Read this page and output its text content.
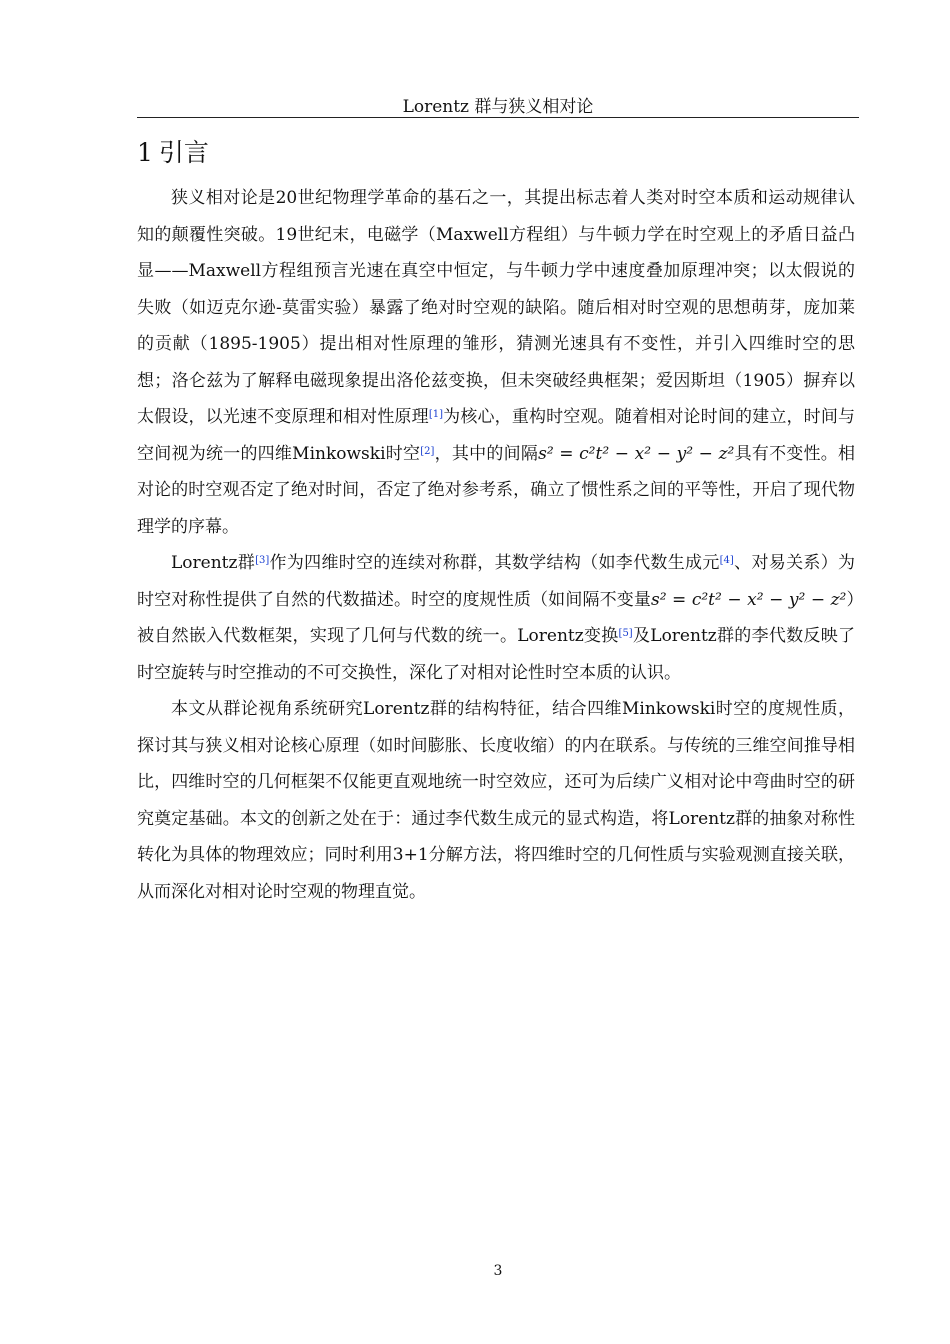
Lorentz 群与狭义相对论
1 引言

狭义相对论是20世纪物理学革命的基石之一，其提出标志着人类对时空本质和运动规律认知的颠覆性突破。19世纪末，电磁学（Maxwell方程组）与牛顿力学在时空观上的矛盾日益凸显——Maxwell方程组预言光速在真空中恒定，与牛顿力学中速度叠加原理冲突；以太假说的失败（如迈克尔逊-莫雷实验）暴露了绝对时空观的缺陷。随后相对时空观的思想萌芽，庞加莱的贡献（1895-1905）提出相对性原理的雏形，猜测光速具有不变性，并引入四维时空的思想；洛仑兹为了解释电磁现象提出洛伦兹变换，但未突破经典框架；爱因斯坦（1905）摒弃以太假设，以光速不变原理和相对性原理[1]为核心，重构时空观。随着相对论时间的建立，时间与空间视为统一的四维Minkowski时空[2]，其中的间隔s² = c²t² − x² − y² − z²具有不变性。相对论的时空观否定了绝对时间，否定了绝对参考系，确立了惯性系之间的平等性，开启了现代物理学的序幕。

Lorentz群[3]作为四维时空的连续对称群，其数学结构（如李代数生成元[4]、对易关系）为时空对称性提供了自然的代数描述。时空的度规性质（如间隔不变量s² = c²t² − x² − y² − z²）被自然嵌入代数框架，实现了几何与代数的统一。Lorentz变换[5]及Lorentz群的李代数反映了时空旋转与时空推动的不可交换性，深化了对相对论性时空本质的认识。

本文从群论视角系统研究Lorentz群的结构特征，结合四维Minkowski时空的度规性质，探讨其与狭义相对论核心原理（如时间膨胀、长度收缩）的内在联系。与传统的三维空间推导相比，四维时空的几何框架不仅能更直观地统一时空效应，还可为后续广义相对论中弯曲时空的研究奠定基础。本文的创新之处在于：通过李代数生成元的显式构造，将Lorentz群的抽象对称性转化为具体的物理效应；同时利用3+1分解方法，将四维时空的几何性质与实验观测直接关联，从而深化对相对论时空观的物理直觉。

3
